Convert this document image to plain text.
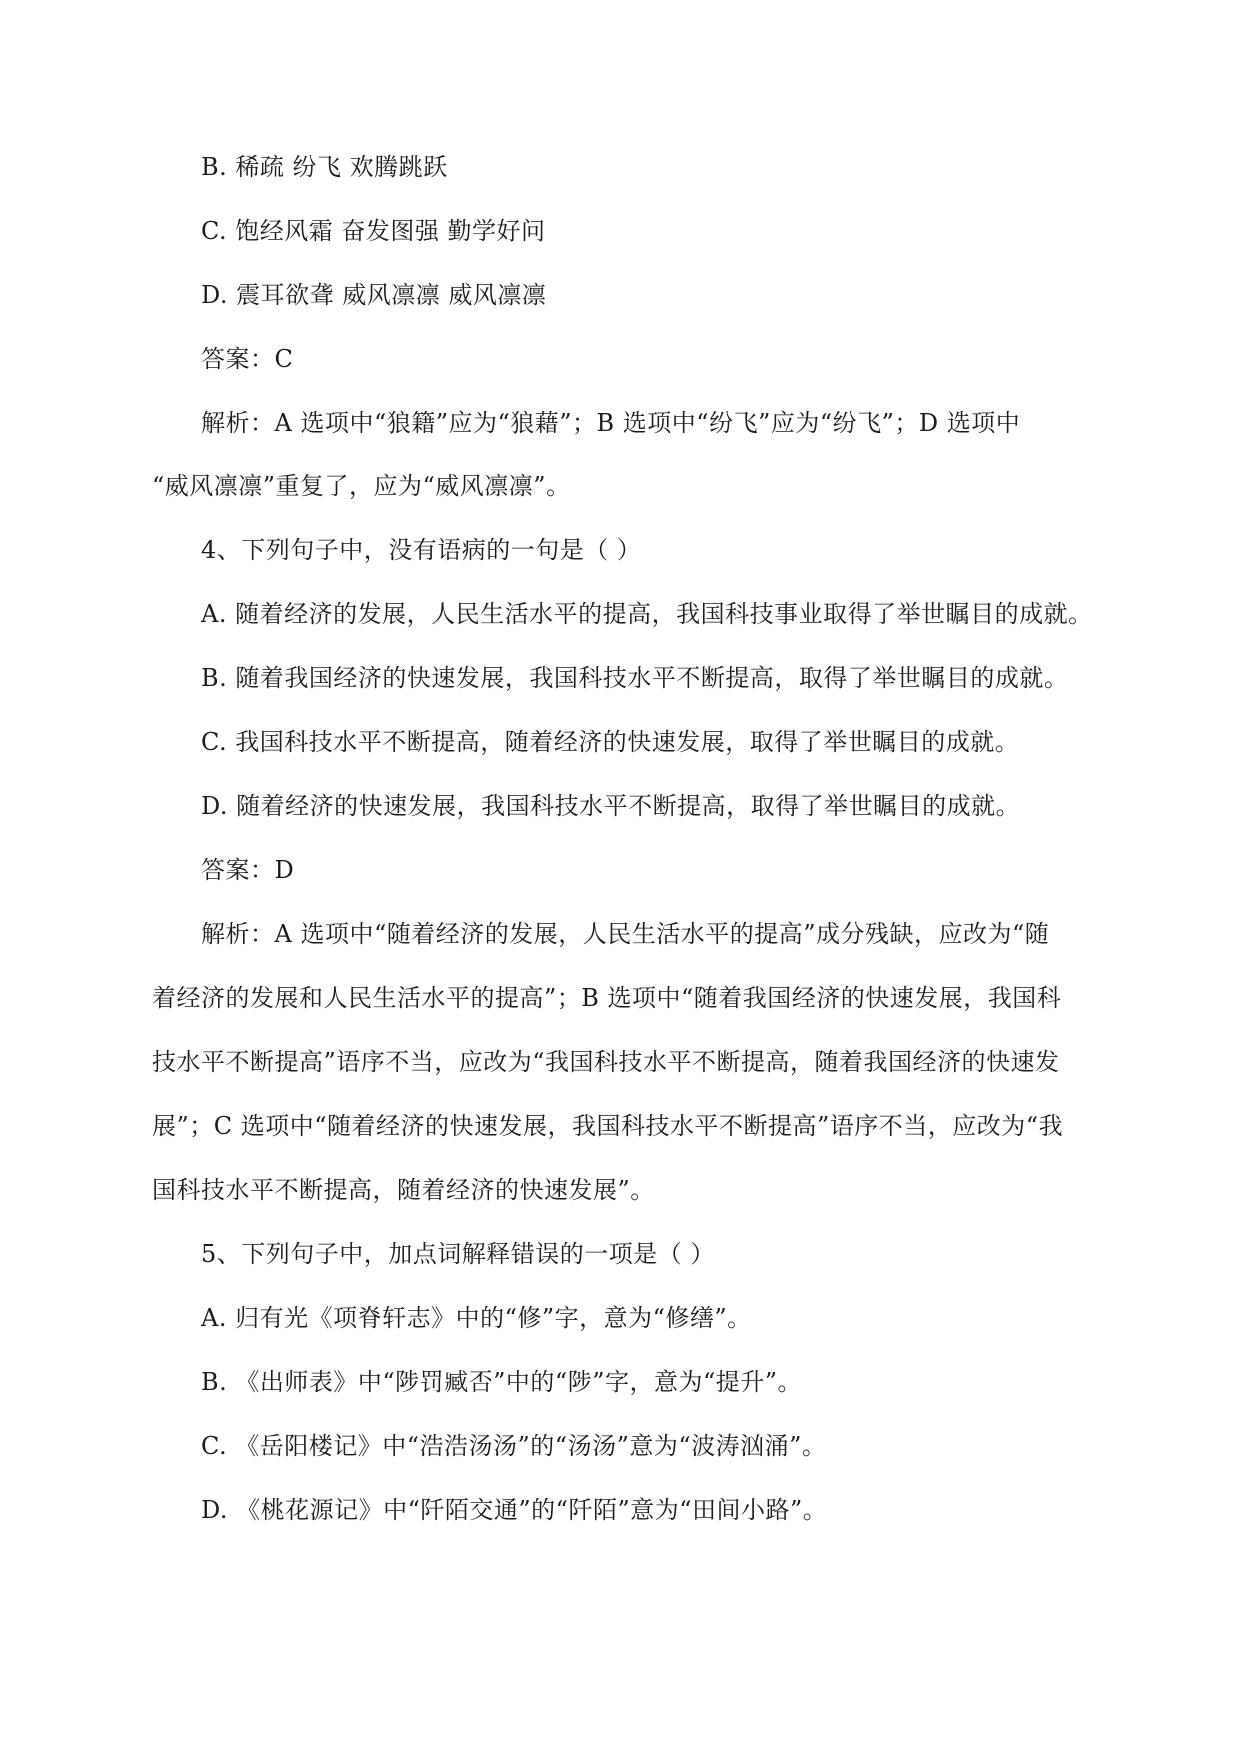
B. 稀疏 纷飞 欢腾跳跃
C. 饱经风霜 奋发图强 勤学好问
D. 震耳欲聋 威风凛凛 威风凛凛
答案：C
解析：A 选项中“狼籍”应为“狼藉”；B 选项中“纷飞”应为“纷飞”；D 选项中
“威风凛凛”重复了，应为“威风凛凛”。
4、下列句子中，没有语病的一句是（ ）
A. 随着经济的发展，人民生活水平的提高，我国科技事业取得了举世瞩目的成就。
B. 随着我国经济的快速发展，我国科技水平不断提高，取得了举世瞩目的成就。
C. 我国科技水平不断提高，随着经济的快速发展，取得了举世瞩目的成就。
D. 随着经济的快速发展，我国科技水平不断提高，取得了举世瞩目的成就。
答案：D
解析：A 选项中“随着经济的发展，人民生活水平的提高”成分残缺，应改为“随
着经济的发展和人民生活水平的提高”；B 选项中“随着我国经济的快速发展，我国科
技水平不断提高”语序不当，应改为“我国科技水平不断提高，随着我国经济的快速发
展”；C 选项中“随着经济的快速发展，我国科技水平不断提高”语序不当，应改为“我
国科技水平不断提高，随着经济的快速发展”。
5、下列句子中，加点词解释错误的一项是（ ）
A. 归有光《项脊轩志》中的“修”字，意为“修缮”。
B. 《出师表》中“陟罚臧否”中的“陟”字，意为“提升”。
C. 《岳阳楼记》中“浩浩汤汤”的“汤汤”意为“波涛汹涌”。
D. 《桃花源记》中“阡陌交通”的“阡陌”意为“田间小路”。
